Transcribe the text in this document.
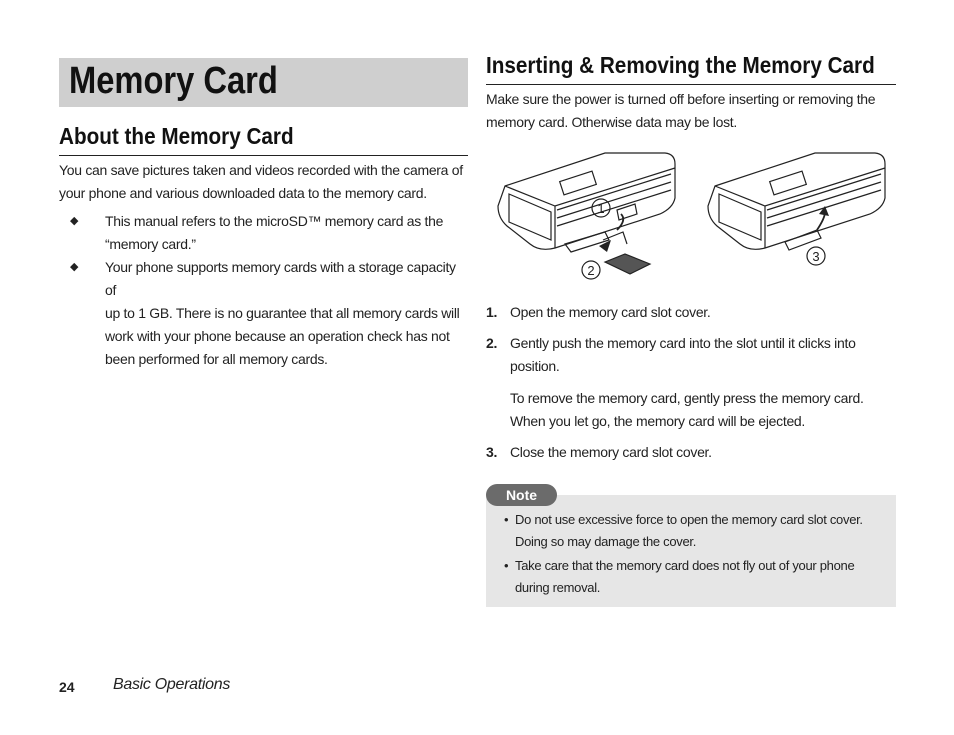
Memory Card
About the Memory Card
You can save pictures taken and videos recorded with the camera of
your phone and various downloaded data to the memory card.
◆ This manual refers to the microSD™ memory card as the
“memory card.”
◆ Your phone supports memory cards with a storage capacity of
up to 1 GB. There is no guarantee that all memory cards will
work with your phone because an operation check has not
been performed for all memory cards.
Inserting & Removing the Memory Card
Make sure the power is turned off before inserting or removing the
memory card. Otherwise data may be lost.
1
2
3
1. Open the memory card slot cover.
2. Gently push the memory card into the slot until it clicks into
position.
To remove the memory card, gently press the memory card.
When you let go, the memory card will be ejected.
3. Close the memory card slot cover.
Note
• Do not use excessive force to open the memory card slot cover.
Doing so may damage the cover.
• Take care that the memory card does not fly out of your phone
during removal.
24 Basic Operations
